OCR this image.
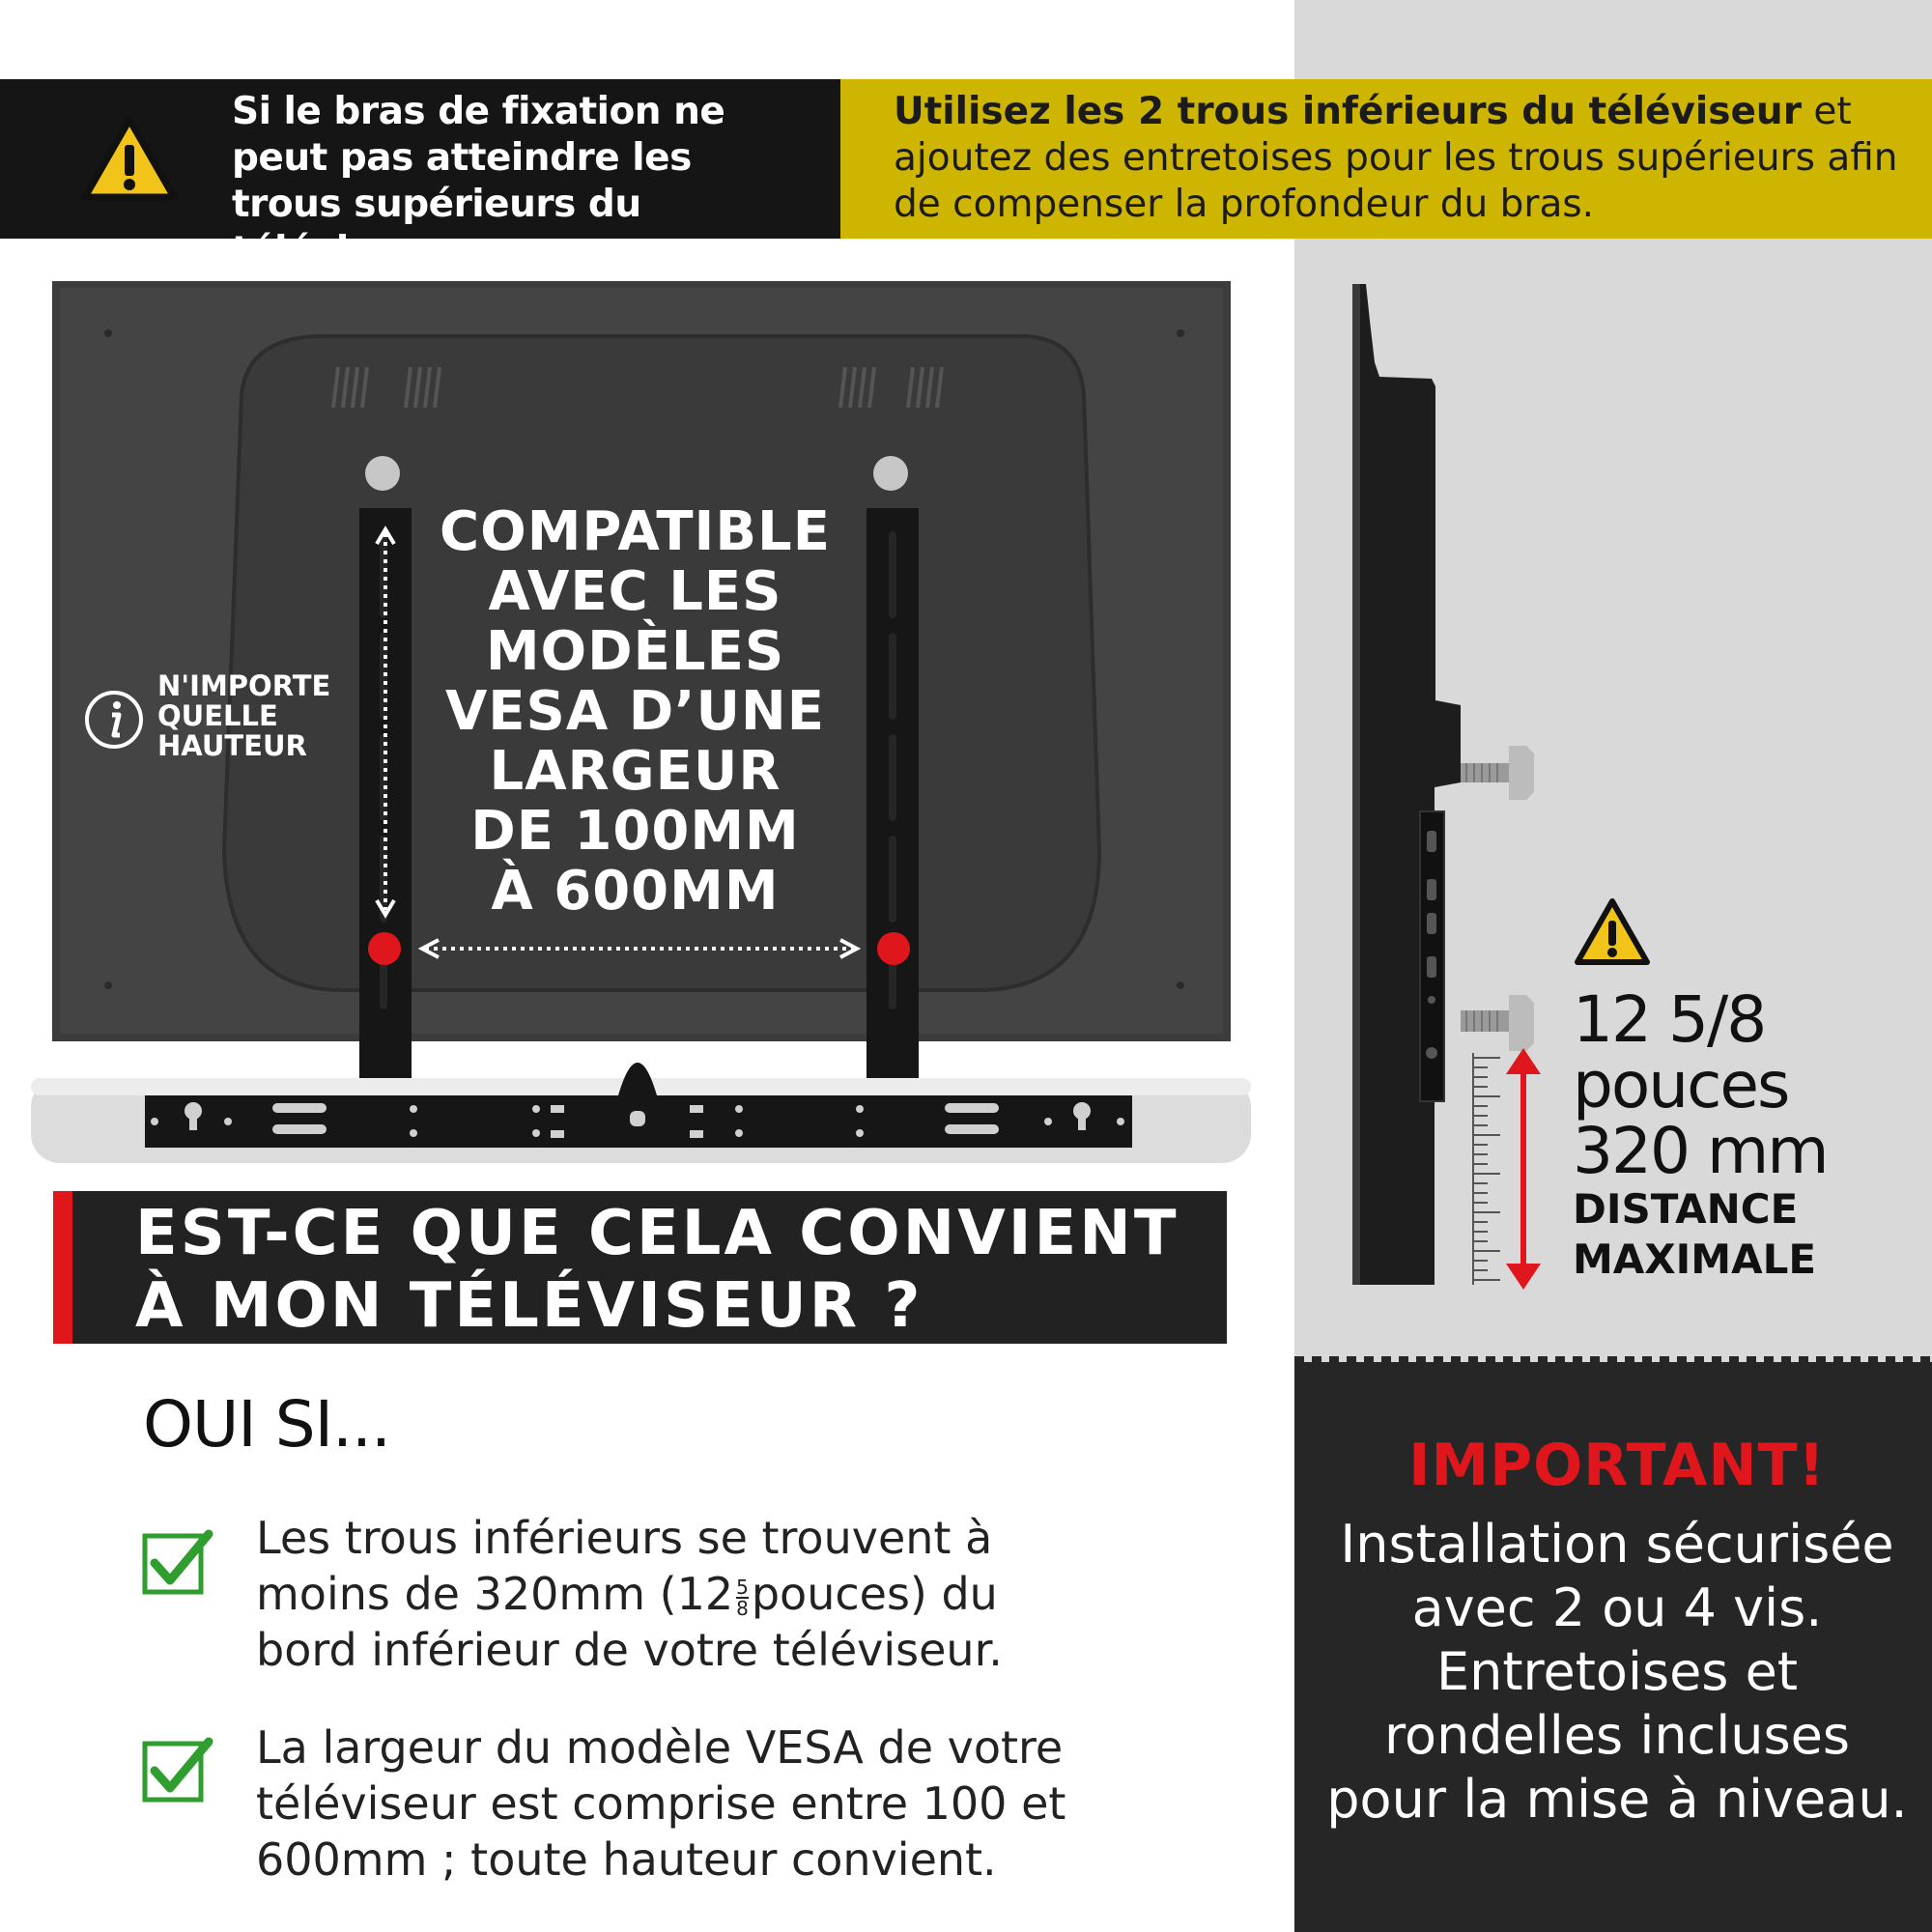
Si le bras de fixation ne peut pas atteindre les trous supérieurs du téléviseur:
Utilisez les 2 trous inférieurs du téléviseur et ajoutez des entretoises pour les trous supérieurs afin de compenser la profondeur du bras.
COMPATIBLE AVEC LES MODÈLES VESA D’UNE LARGEUR DE 100MM À 600MM
N'IMPORTE
QUELLE
HAUTEUR
12 5/8
pouces
320 mm
DISTANCE
MAXIMALE
EST-CE QUE CELA CONVIENT
À MON TÉLÉVISEUR ?
OUI SI...
Les trous inférieurs se trouvent à
moins de 320mm ($12 \frac{5}{8}$ pouces) du
bord inférieur de votre téléviseur.
La largeur du modèle VESA de votre
téléviseur est comprise entre 100 et
600mm ; toute hauteur convient.
IMPORTANT!
Installation sécurisée avec 2 ou 4 vis. Entretoises et rondelles incluses pour la mise à niveau.
